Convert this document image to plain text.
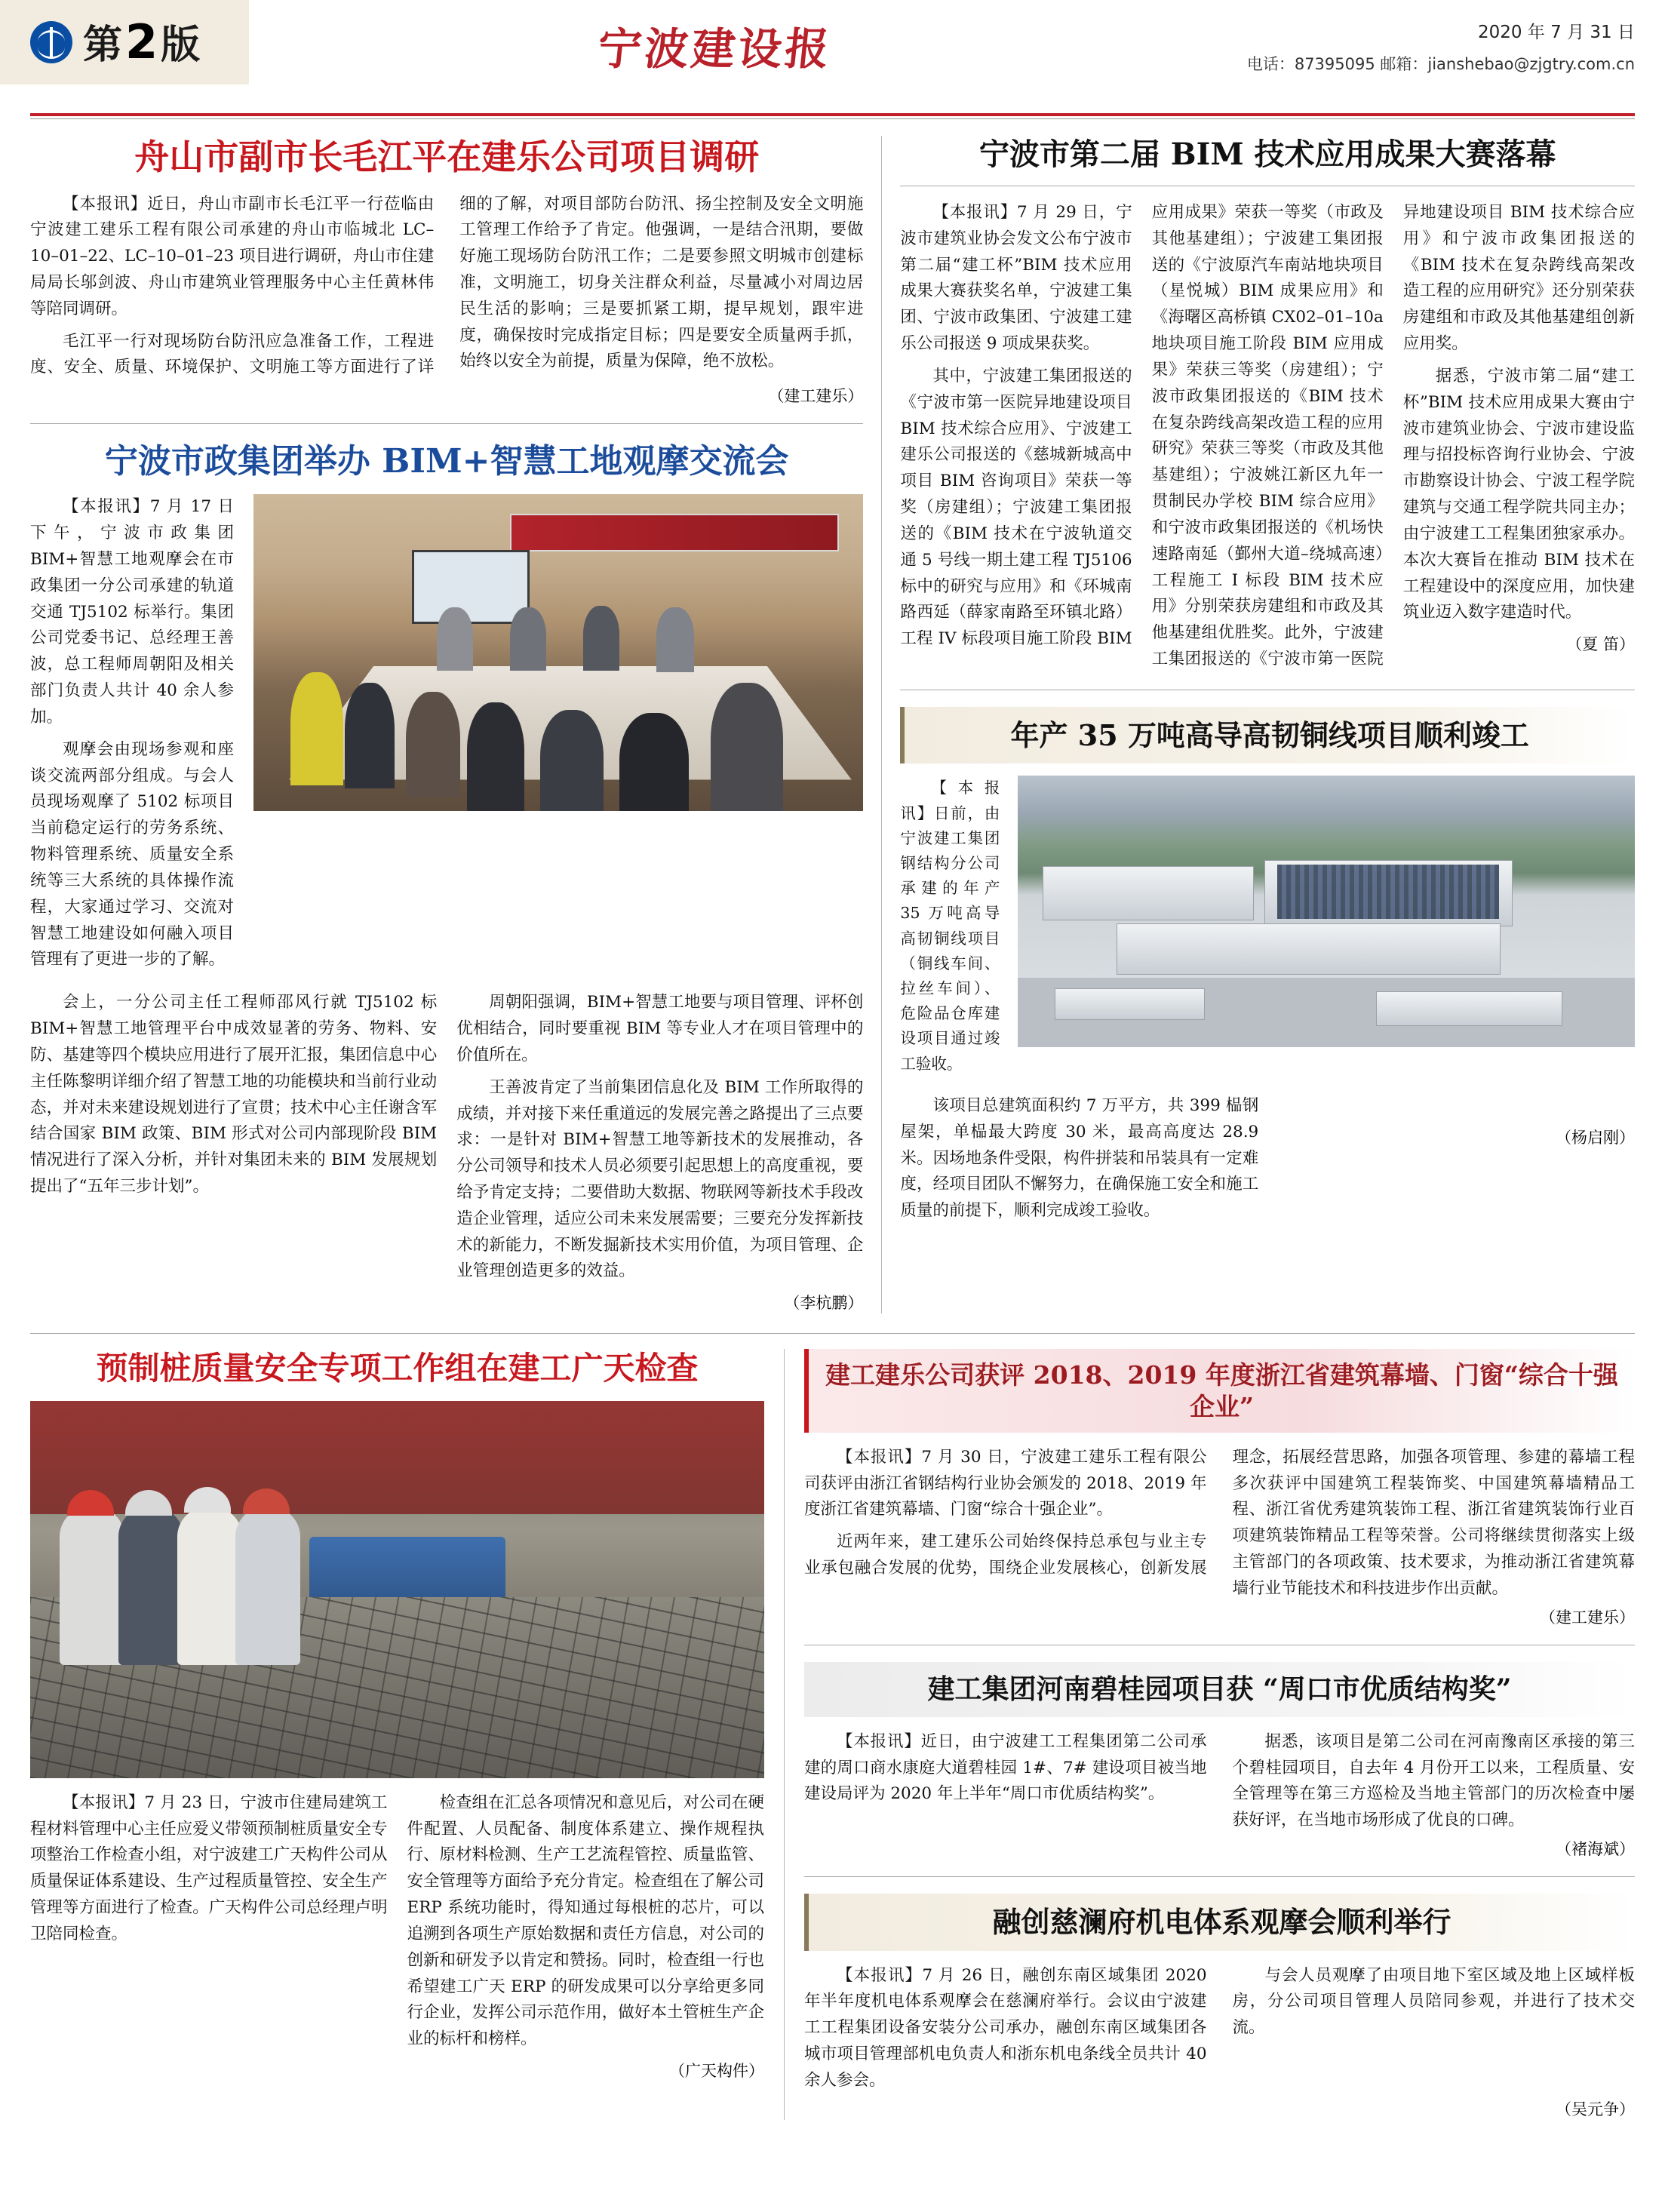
第2版	宁波建设报	2020 年 7 月 31 日
电话：87395095 邮箱：jianshebao@zjgtry.com.cn
舟山市副市长毛江平在建乐公司项目调研

【本报讯】近日，舟山市副市长毛江平一行莅临由宁波建工建乐工程有限公司承建的舟山市临城北 LC–10–01–22、LC–10–01–23 项目进行调研，舟山市住建局局长邬剑波、舟山市建筑业管理服务中心主任黄林伟等陪同调研。

毛江平一行对现场防台防汛应急准备工作，工程进度、安全、质量、环境保护、文明施工等方面进行了详细的了解，对项目部防台防汛、扬尘控制及安全文明施工管理工作给予了肯定。他强调，一是结合汛期，要做好施工现场防台防汛工作；二是要参照文明城市创建标准，文明施工，切身关注群众利益，尽量减小对周边居民生活的影响；三是要抓紧工期，提早规划，跟牢进度，确保按时完成指定目标；四是要安全质量两手抓，始终以安全为前提，质量为保障，绝不放松。

（建工建乐）

宁波市政集团举办 BIM+智慧工地观摩交流会

【本报讯】7 月 17 日下午，宁波市政集团 BIM+智慧工地观摩会在市政集团一分公司承建的轨道交通 TJ5102 标举行。集团公司党委书记、总经理王善波，总工程师周朝阳及相关部门负责人共计 40 余人参加。

观摩会由现场参观和座谈交流两部分组成。与会人员现场观摩了 5102 标项目当前稳定运行的劳务系统、物料管理系统、质量安全系统等三大系统的具体操作流程，大家通过学习、交流对智慧工地建设如何融入项目管理有了更进一步的了解。

会上，一分公司主任工程师邵风行就 TJ5102 标 BIM+智慧工地管理平台中成效显著的劳务、物料、安防、基建等四个模块应用进行了展开汇报，集团信息中心主任陈黎明详细介绍了智慧工地的功能模块和当前行业动态，并对未来建设规划进行了宣贯；技术中心主任谢含军结合国家 BIM 政策、BIM 形式对公司内部现阶段 BIM 情况进行了深入分析，并针对集团未来的 BIM 发展规划提出了“五年三步计划”。

周朝阳强调，BIM+智慧工地要与项目管理、评杯创优相结合，同时要重视 BIM 等专业人才在项目管理中的价值所在。

王善波肯定了当前集团信息化及 BIM 工作所取得的成绩，并对接下来任重道远的发展完善之路提出了三点要求：一是针对 BIM+智慧工地等新技术的发展推动，各分公司领导和技术人员必须要引起思想上的高度重视，要给予肯定支持；二要借助大数据、物联网等新技术手段改造企业管理，适应公司未来发展需要；三要充分发挥新技术的新能力，不断发掘新技术实用价值，为项目管理、企业管理创造更多的效益。

（李杭鹏）

宁波市第二届 BIM 技术应用成果大赛落幕

【本报讯】7 月 29 日，宁波市建筑业协会发文公布宁波市第二届“建工杯”BIM 技术应用成果大赛获奖名单，宁波建工集团、宁波市政集团、宁波建工建乐公司报送 9 项成果获奖。

其中，宁波建工集团报送的《宁波市第一医院异地建设项目 BIM 技术综合应用》、宁波建工建乐公司报送的《慈城新城高中项目 BIM 咨询项目》荣获一等奖（房建组）；宁波建工集团报送的《BIM 技术在宁波轨道交通 5 号线一期土建工程 TJ5106 标中的研究与应用》和《环城南路西延（薛家南路至环镇北路）工程 IV 标段项目施工阶段 BIM 应用成果》荣获一等奖（市政及其他基建组）；宁波建工集团报送的《宁波原汽车南站地块项目（星悦城）BIM 成果应用》和《海曙区高桥镇 CX02–01–10a 地块项目施工阶段 BIM 应用成果》荣获三等奖（房建组）；宁波市政集团报送的《BIM 技术在复杂跨线高架改造工程的应用研究》荣获三等奖（市政及其他基建组）；宁波姚江新区九年一贯制民办学校 BIM 综合应用》和宁波市政集团报送的《机场快速路南延（鄞州大道–绕城高速）工程施工 I 标段 BIM 技术应用》分别荣获房建组和市政及其他基建组优胜奖。此外，宁波建工集团报送的《宁波市第一医院异地建设项目 BIM 技术综合应用》和宁波市政集团报送的《BIM 技术在复杂跨线高架改造工程的应用研究》还分别荣获房建组和市政及其他基建组创新应用奖。

据悉，宁波市第二届“建工杯”BIM 技术应用成果大赛由宁波市建筑业协会、宁波市建设监理与招投标咨询行业协会、宁波市勘察设计协会、宁波工程学院建筑与交通工程学院共同主办；由宁波建工工程集团独家承办。本次大赛旨在推动 BIM 技术在工程建设中的深度应用，加快建筑业迈入数字建造时代。

（夏 笛）

年产 35 万吨高导高韧铜线项目顺利竣工

【本报讯】日前，由宁波建工集团钢结构分公司承建的年产 35 万吨高导高韧铜线项目（铜线车间、拉丝车间）、危险品仓库建设项目通过竣工验收。

该项目总建筑面积约 7 万平方，共 399 榀钢屋架，单榀最大跨度 30 米，最高高度达 28.9 米。因场地条件受限，构件拼装和吊装具有一定难度，经项目团队不懈努力，在确保施工安全和施工质量的前提下，顺利完成竣工验收。

（杨启刚）

预制桩质量安全专项工作组在建工广天检查

【本报讯】7 月 23 日，宁波市住建局建筑工程材料管理中心主任应爱义带领预制桩质量安全专项整治工作检查小组，对宁波建工广天构件公司从质量保证体系建设、生产过程质量管控、安全生产管理等方面进行了检查。广天构件公司总经理卢明卫陪同检查。

检查组在汇总各项情况和意见后，对公司在硬件配置、人员配备、制度体系建立、操作规程执行、原材料检测、生产工艺流程管控、质量监管、安全管理等方面给予充分肯定。检查组在了解公司 ERP 系统功能时，得知通过每根桩的芯片，可以追溯到各项生产原始数据和责任方信息，对公司的创新和研发予以肯定和赞扬。同时，检查组一行也希望建工广天 ERP 的研发成果可以分享给更多同行企业，发挥公司示范作用，做好本土管桩生产企业的标杆和榜样。

（广天构件）

建工建乐公司获评 2018、2019 年度浙江省建筑幕墙、门窗“综合十强企业”

【本报讯】7 月 30 日，宁波建工建乐工程有限公司获评由浙江省钢结构行业协会颁发的 2018、2019 年度浙江省建筑幕墙、门窗“综合十强企业”。

近两年来，建工建乐公司始终保持总承包与业主专业承包融合发展的优势，围绕企业发展核心，创新发展理念，拓展经营思路，加强各项管理、参建的幕墙工程多次获评中国建筑工程装饰奖、中国建筑幕墙精品工程、浙江省优秀建筑装饰工程、浙江省建筑装饰行业百项建筑装饰精品工程等荣誉。公司将继续贯彻落实上级主管部门的各项政策、技术要求，为推动浙江省建筑幕墙行业节能技术和科技进步作出贡献。

（建工建乐）

建工集团河南碧桂园项目获 “周口市优质结构奖”

【本报讯】近日，由宁波建工工程集团第二公司承建的周口商水康庭大道碧桂园 1#、7# 建设项目被当地建设局评为 2020 年上半年“周口市优质结构奖”。

据悉，该项目是第二公司在河南豫南区承接的第三个碧桂园项目，自去年 4 月份开工以来，工程质量、安全管理等在第三方巡检及当地主管部门的历次检查中屡获好评，在当地市场形成了优良的口碑。

（褚海斌）

融创慈澜府机电体系观摩会顺利举行

【本报讯】7 月 26 日，融创东南区域集团 2020 年半年度机电体系观摩会在慈澜府举行。会议由宁波建工工程集团设备安装分公司承办，融创东南区域集团各城市项目管理部机电负责人和浙东机电条线全员共计 40 余人参会。

与会人员观摩了由项目地下室区域及地上区域样板房，分公司项目管理人员陪同参观，并进行了技术交流。

（吴元争）
